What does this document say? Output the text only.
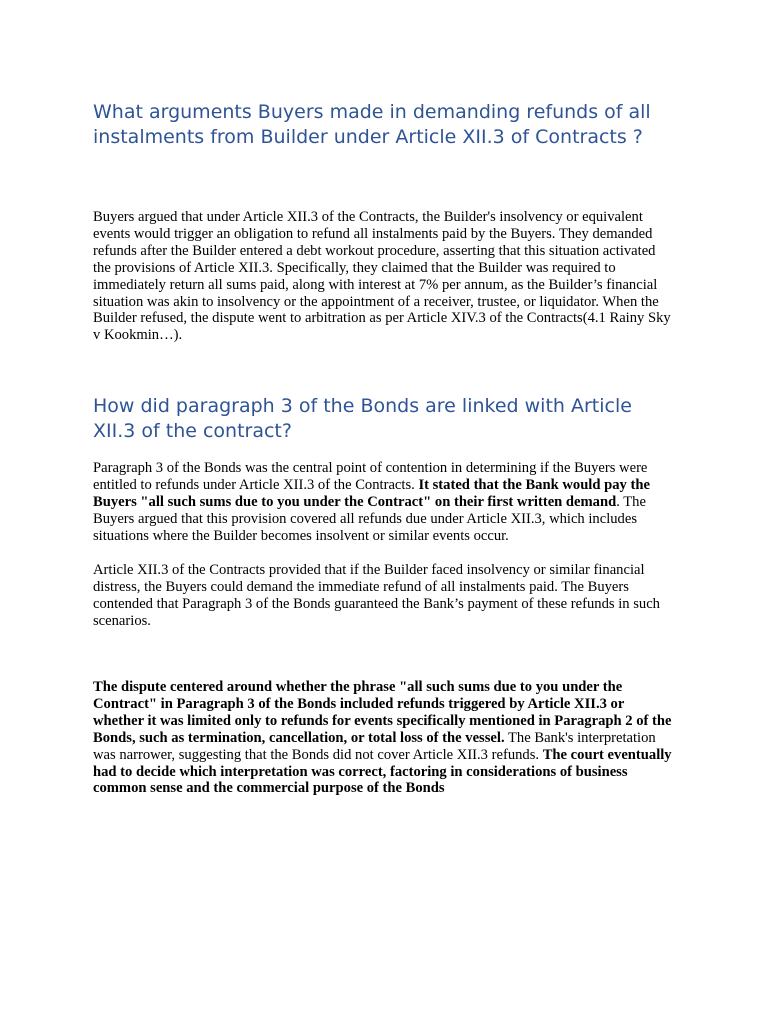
What arguments Buyers made in demanding refunds of all instalments from Builder under Article XII.3 of Contracts ?

Buyers argued that under Article XII.3 of the Contracts, the Builder's insolvency or equivalent events would trigger an obligation to refund all instalments paid by the Buyers. They demanded refunds after the Builder entered a debt workout procedure, asserting that this situation activated the provisions of Article XII.3. Specifically, they claimed that the Builder was required to immediately return all sums paid, along with interest at 7% per annum, as the Builder’s financial situation was akin to insolvency or the appointment of a receiver, trustee, or liquidator. When the Builder refused, the dispute went to arbitration as per Article XIV.3 of the Contracts(4.1 Rainy Sky v Kookmin…).

How did paragraph 3 of the Bonds are linked with Article XII.3 of the contract?

Paragraph 3 of the Bonds was the central point of contention in determining if the Buyers were entitled to refunds under Article XII.3 of the Contracts. It stated that the Bank would pay the Buyers "all such sums due to you under the Contract" on their first written demand. The Buyers argued that this provision covered all refunds due under Article XII.3, which includes situations where the Builder becomes insolvent or similar events occur.

Article XII.3 of the Contracts provided that if the Builder faced insolvency or similar financial distress, the Buyers could demand the immediate refund of all instalments paid. The Buyers contended that Paragraph 3 of the Bonds guaranteed the Bank’s payment of these refunds in such scenarios.

The dispute centered around whether the phrase "all such sums due to you under the Contract" in Paragraph 3 of the Bonds included refunds triggered by Article XII.3 or whether it was limited only to refunds for events specifically mentioned in Paragraph 2 of the Bonds, such as termination, cancellation, or total loss of the vessel. The Bank's interpretation was narrower, suggesting that the Bonds did not cover Article XII.3 refunds. The court eventually had to decide which interpretation was correct, factoring in considerations of business common sense and the commercial purpose of the Bonds
